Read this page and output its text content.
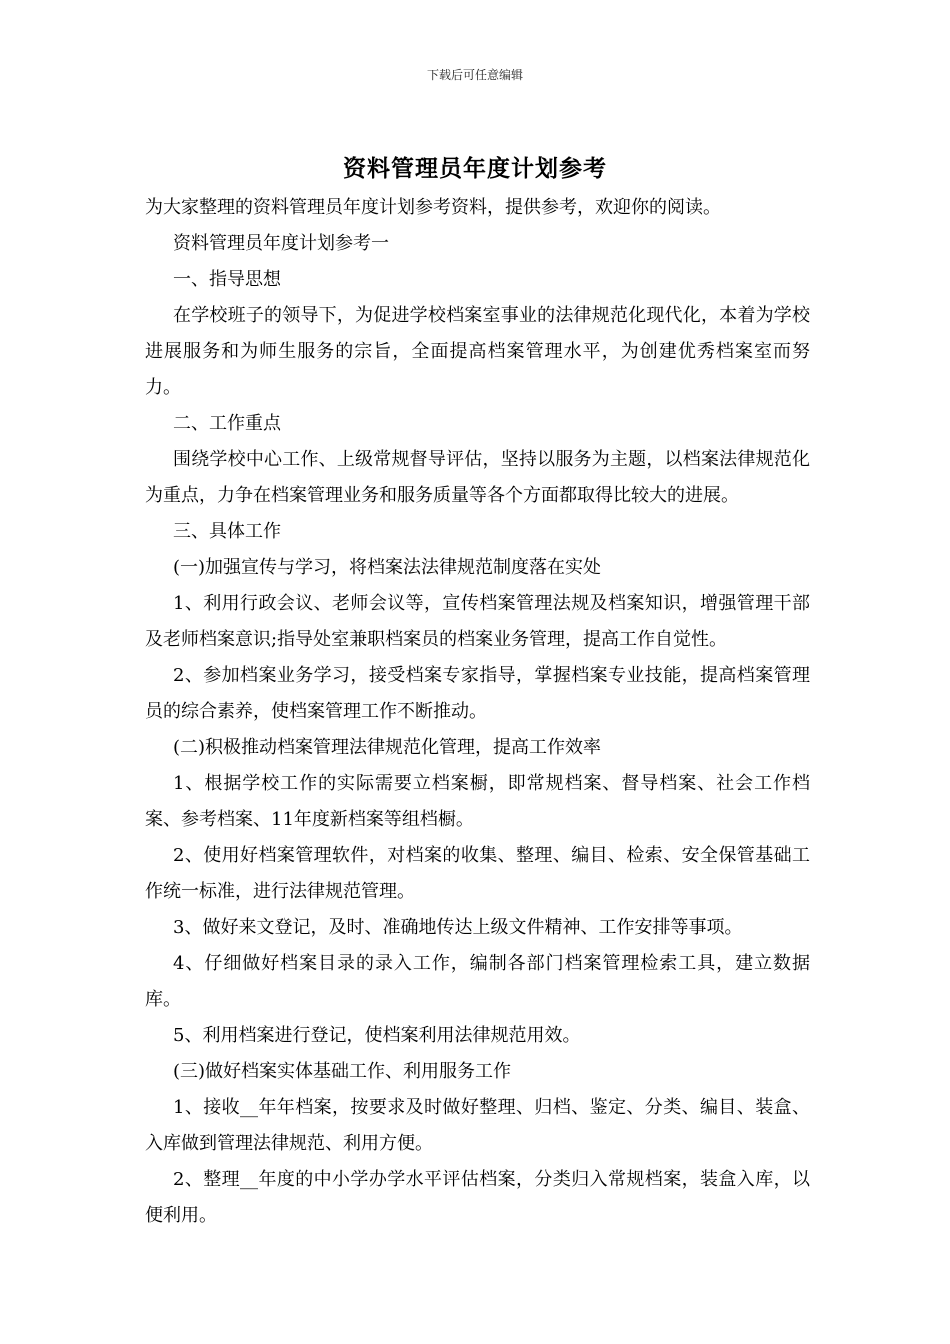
下载后可任意编辑
资料管理员年度计划参考

为大家整理的资料管理员年度计划参考资料，提供参考，欢迎你的阅读。

资料管理员年度计划参考一

一、指导思想

在学校班子的领导下，为促进学校档案室事业的法律规范化现代化，本着为学校进展服务和为师生服务的宗旨，全面提高档案管理水平，为创建优秀档案室而努力。

二、工作重点

围绕学校中心工作、上级常规督导评估，坚持以服务为主题，以档案法律规范化为重点，力争在档案管理业务和服务质量等各个方面都取得比较大的进展。

三、具体工作

(一)加强宣传与学习，将档案法法律规范制度落在实处

1、利用行政会议、老师会议等，宣传档案管理法规及档案知识，增强管理干部及老师档案意识;指导处室兼职档案员的档案业务管理，提高工作自觉性。

2、参加档案业务学习，接受档案专家指导，掌握档案专业技能，提高档案管理员的综合素养，使档案管理工作不断推动。

(二)积极推动档案管理法律规范化管理，提高工作效率

1、根据学校工作的实际需要立档案橱，即常规档案、督导档案、社会工作档案、参考档案、11年度新档案等组档橱。

2、使用好档案管理软件，对档案的收集、整理、编目、检索、安全保管基础工作统一标准，进行法律规范管理。

3、做好来文登记，及时、准确地传达上级文件精神、工作安排等事项。

4、仔细做好档案目录的录入工作，编制各部门档案管理检索工具，建立数据库。

5、利用档案进行登记，使档案利用法律规范用效。

(三)做好档案实体基础工作、利用服务工作

1、接收__年年档案，按要求及时做好整理、归档、鉴定、分类、编目、装盒、入库做到管理法律规范、利用方便。

2、整理__年度的中小学办学水平评估档案，分类归入常规档案，装盒入库，以便利用。
